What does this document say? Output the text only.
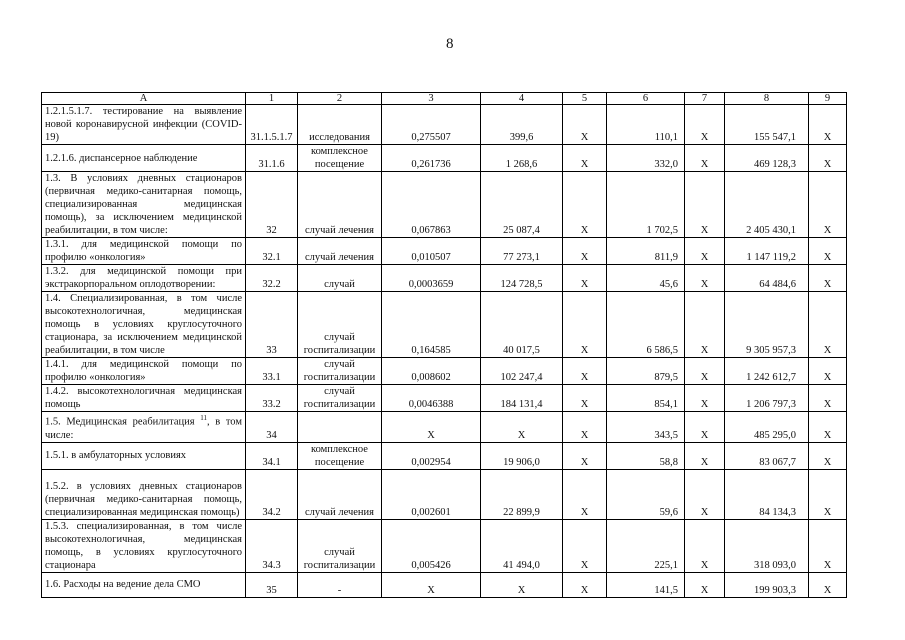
8
А	1	2	3	4	5	6	7	8	9
1.2.1.5.1.7. тестирование на выявление новой коронавирусной инфекции (COVID-19)	31.1.5.1.7	исследования	0,275507	399,6	X	110,1	X	155 547,1	X
1.2.1.6. диспансерное наблюдение	31.1.6	комплексное посещение	0,261736	1 268,6	X	332,0	X	469 128,3	X
1.3. В условиях дневных стационаров (первичная медико-санитарная помощь, специализированная медицинская помощь), за исключением медицинской реабилитации, в том числе:	32	случай лечения	0,067863	25 087,4	X	1 702,5	X	2 405 430,1	X
1.3.1. для медицинской помощи по профилю «онкология»	32.1	случай лечения	0,010507	77 273,1	X	811,9	X	1 147 119,2	X
1.3.2. для медицинской помощи при экстракорпоральном оплодотворении:	32.2	случай	0,0003659	124 728,5	X	45,6	X	64 484,6	X
1.4. Специализированная, в том числе высокотехнологичная, медицинская помощь в условиях круглосуточного стационара, за исключением медицинской реабилитации, в том числе	33	случай госпитализации	0,164585	40 017,5	X	6 586,5	X	9 305 957,3	X
1.4.1. для медицинской помощи по профилю «онкология»	33.1	случай госпитализации	0,008602	102 247,4	X	879,5	X	1 242 612,7	X
1.4.2. высокотехнологичная медицинская помощь	33.2	случай госпитализации	0,0046388	184 131,4	X	854,1	X	1 206 797,3	X
1.5. Медицинская реабилитация $^{11}$, в том числе:	34		X	X	X	343,5	X	485 295,0	X
1.5.1. в амбулаторных условиях	34.1	комплексное посещение	0,002954	19 906,0	X	58,8	X	83 067,7	X
1.5.2. в условиях дневных стационаров (первичная медико-санитарная помощь, специализированная медицинская помощь)	34.2	случай лечения	0,002601	22 899,9	X	59,6	X	84 134,3	X
1.5.3. специализированная, в том числе высокотехнологичная, медицинская помощь, в условиях круглосуточного стационара	34.3	случай госпитализации	0,005426	41 494,0	X	225,1	X	318 093,0	X
1.6. Расходы на ведение дела СМО	35	-	X	X	X	141,5	X	199 903,3	X
